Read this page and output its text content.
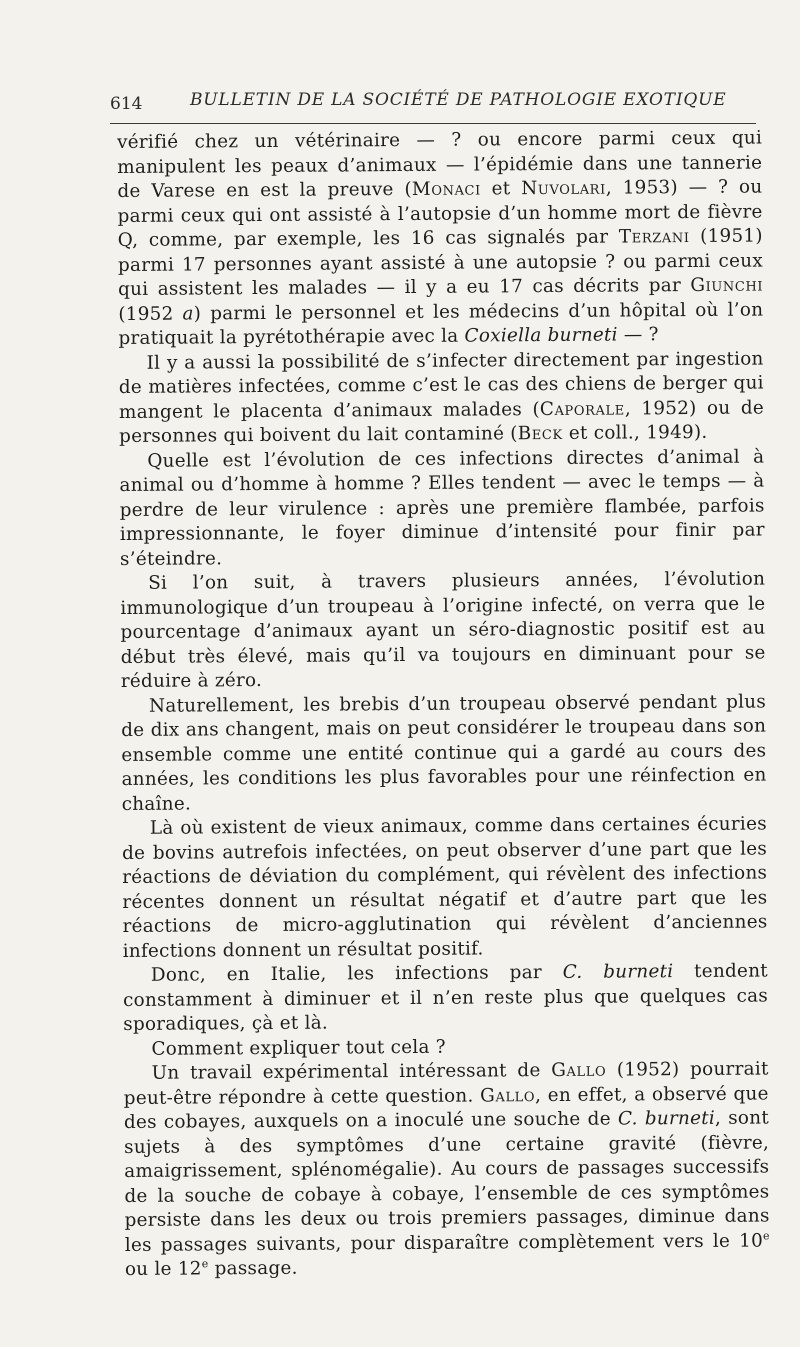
614	BULLETIN DE LA SOCIÉTÉ DE PATHOLOGIE EXOTIQUE

vérifié chez un vétérinaire — ? ou encore parmi ceux qui manipulent les peaux d’animaux — l’épidémie dans une tannerie de Varese en est la preuve (Monaci et Nuvolari, 1953) — ? ou parmi ceux qui ont assisté à l’autopsie d’un homme mort de fièvre Q, comme, par exemple, les 16 cas signalés par Terzani (1951) parmi 17 personnes ayant assisté à une autopsie ? ou parmi ceux qui assistent les malades — il y a eu 17 cas décrits par Giunchi (1952 a) parmi le personnel et les médecins d’un hôpital où l’on pratiquait la pyrétothérapie avec la Coxiella burneti — ?

Il y a aussi la possibilité de s’infecter directement par ingestion de matières infectées, comme c’est le cas des chiens de berger qui mangent le placenta d’animaux malades (Caporale, 1952) ou de personnes qui boivent du lait contaminé (Beck et coll., 1949).

Quelle est l’évolution de ces infections directes d’animal à animal ou d’homme à homme ? Elles tendent — avec le temps — à perdre de leur virulence : après une première flambée, parfois impressionnante, le foyer diminue d’intensité pour finir par s’éteindre.

Si l’on suit, à travers plusieurs années, l’évolution immunologique d’un troupeau à l’origine infecté, on verra que le pourcentage d’animaux ayant un séro-diagnostic positif est au début très élevé, mais qu’il va toujours en diminuant pour se réduire à zéro.

Naturellement, les brebis d’un troupeau observé pendant plus de dix ans changent, mais on peut considérer le troupeau dans son ensemble comme une entité continue qui a gardé au cours des années, les conditions les plus favorables pour une réinfection en chaîne.

Là où existent de vieux animaux, comme dans certaines écuries de bovins autrefois infectées, on peut observer d’une part que les réactions de déviation du complément, qui révèlent des infections récentes donnent un résultat négatif et d’autre part que les réactions de micro-agglutination qui révèlent d’anciennes infections donnent un résultat positif.

Donc, en Italie, les infections par C. burneti tendent constamment à diminuer et il n’en reste plus que quelques cas sporadiques, çà et là.

Comment expliquer tout cela ?

Un travail expérimental intéressant de Gallo (1952) pourrait peut-être répondre à cette question. Gallo, en effet, a observé que des cobayes, auxquels on a inoculé une souche de C. burneti, sont sujets à des symptômes d’une certaine gravité (fièvre, amaigrissement, splénomégalie). Au cours de passages successifs de la souche de cobaye à cobaye, l’ensemble de ces symptômes persiste dans les deux ou trois premiers passages, diminue dans les passages suivants, pour disparaître complètement vers le 10e ou le 12e passage.
